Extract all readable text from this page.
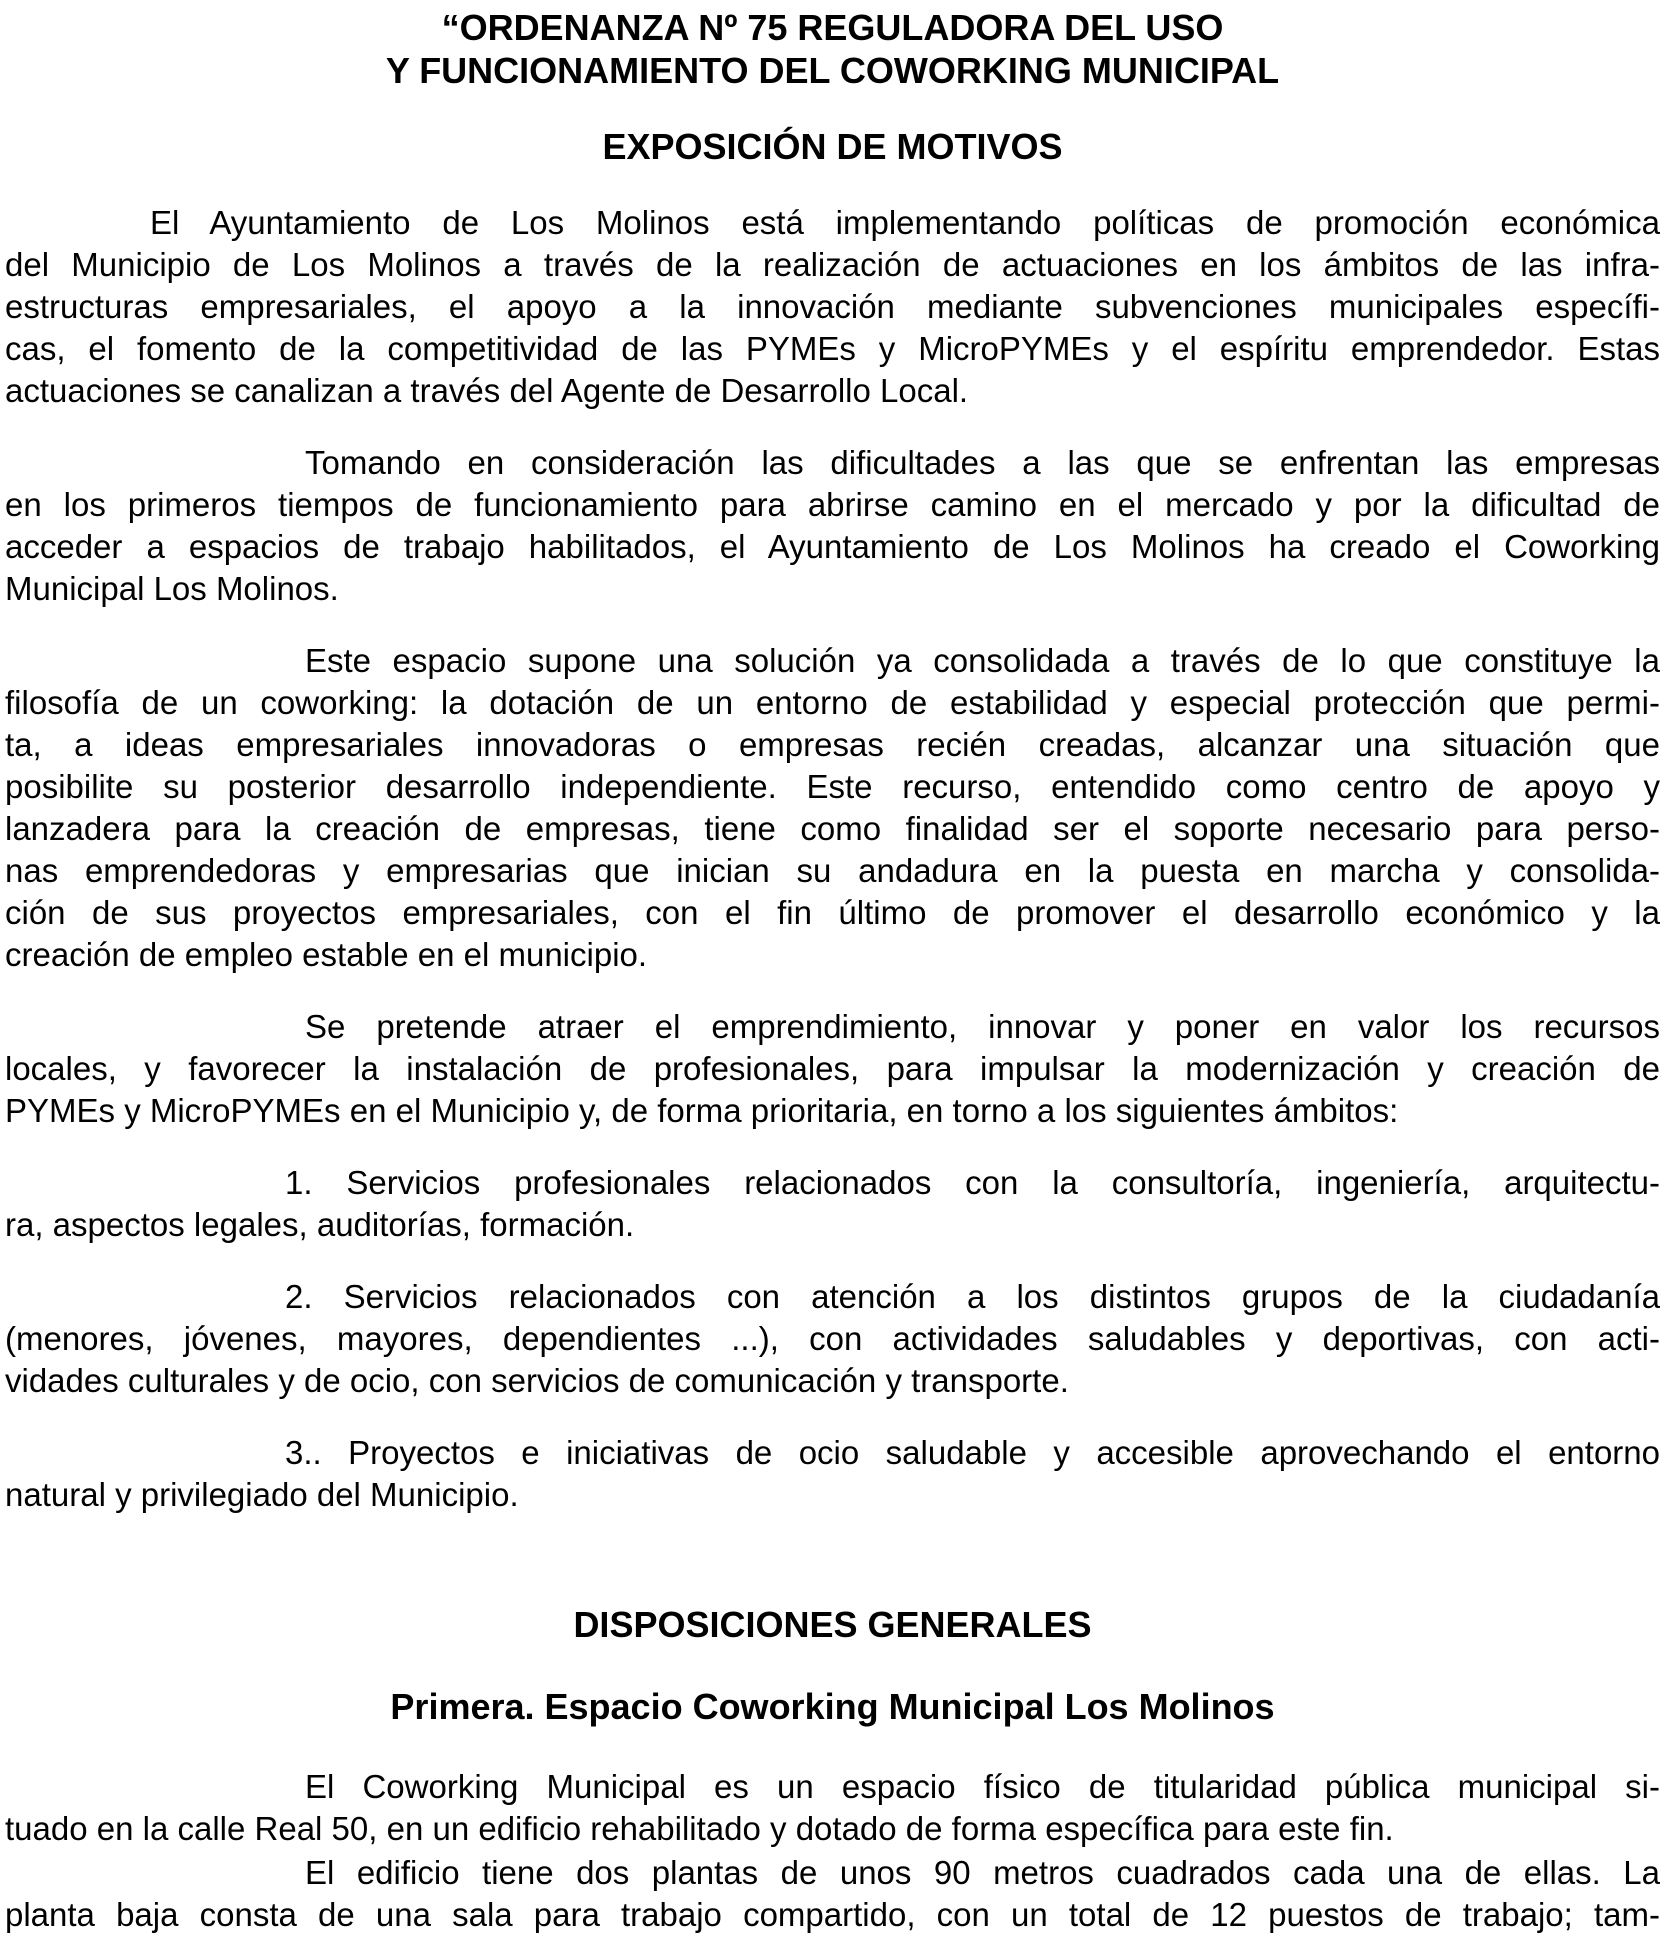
“ORDENANZA Nº 75 REGULADORA DEL USO
Y FUNCIONAMIENTO DEL COWORKING MUNICIPAL
EXPOSICIÓN DE MOTIVOS
El Ayuntamiento de Los Molinos está implementando políticas de promoción económica
del Municipio de Los Molinos a través de la realización de actuaciones en los ámbitos de las infra-
estructuras empresariales, el apoyo a la innovación mediante subvenciones municipales específi-
cas, el fomento de la competitividad de las PYMEs y MicroPYMEs y el espíritu emprendedor. Estas
actuaciones se canalizan a través del Agente de Desarrollo Local.
Tomando en consideración las dificultades a las que se enfrentan las empresas
en los primeros tiempos de funcionamiento para abrirse camino en el mercado y por la dificultad de
acceder a espacios de trabajo habilitados, el Ayuntamiento de Los Molinos ha creado el Coworking
Municipal Los Molinos.
Este espacio supone una solución ya consolidada a través de lo que constituye la
filosofía de un coworking: la dotación de un entorno de estabilidad y especial protección que permi-
ta, a ideas empresariales innovadoras o empresas recién creadas, alcanzar una situación que
posibilite su posterior desarrollo independiente. Este recurso, entendido como centro de apoyo y
lanzadera para la creación de empresas, tiene como finalidad ser el soporte necesario para perso-
nas emprendedoras y empresarias que inician su andadura en la puesta en marcha y consolida-
ción de sus proyectos empresariales, con el fin último de promover el desarrollo económico y la
creación de empleo estable en el municipio.
Se pretende atraer el emprendimiento, innovar y poner en valor los recursos
locales, y favorecer la instalación de profesionales, para impulsar la modernización y creación de
PYMEs y MicroPYMEs en el Municipio y, de forma prioritaria, en torno a los siguientes ámbitos:
1. Servicios profesionales relacionados con la consultoría, ingeniería, arquitectu-
ra, aspectos legales, auditorías, formación.
2. Servicios relacionados con atención a los distintos grupos de la ciudadanía
(menores, jóvenes, mayores, dependientes ...), con actividades saludables y deportivas, con acti-
vidades culturales y de ocio, con servicios de comunicación y transporte.
3.. Proyectos e iniciativas de ocio saludable y accesible aprovechando el entorno
natural y privilegiado del Municipio.
DISPOSICIONES GENERALES
Primera. Espacio Coworking Municipal Los Molinos
El Coworking Municipal es un espacio físico de titularidad pública municipal si-
tuado en la calle Real 50, en un edificio rehabilitado y dotado de forma específica para este fin.
El edificio tiene dos plantas de unos 90 metros cuadrados cada una de ellas. La
planta baja consta de una sala para trabajo compartido, con un total de 12 puestos de trabajo; tam-
